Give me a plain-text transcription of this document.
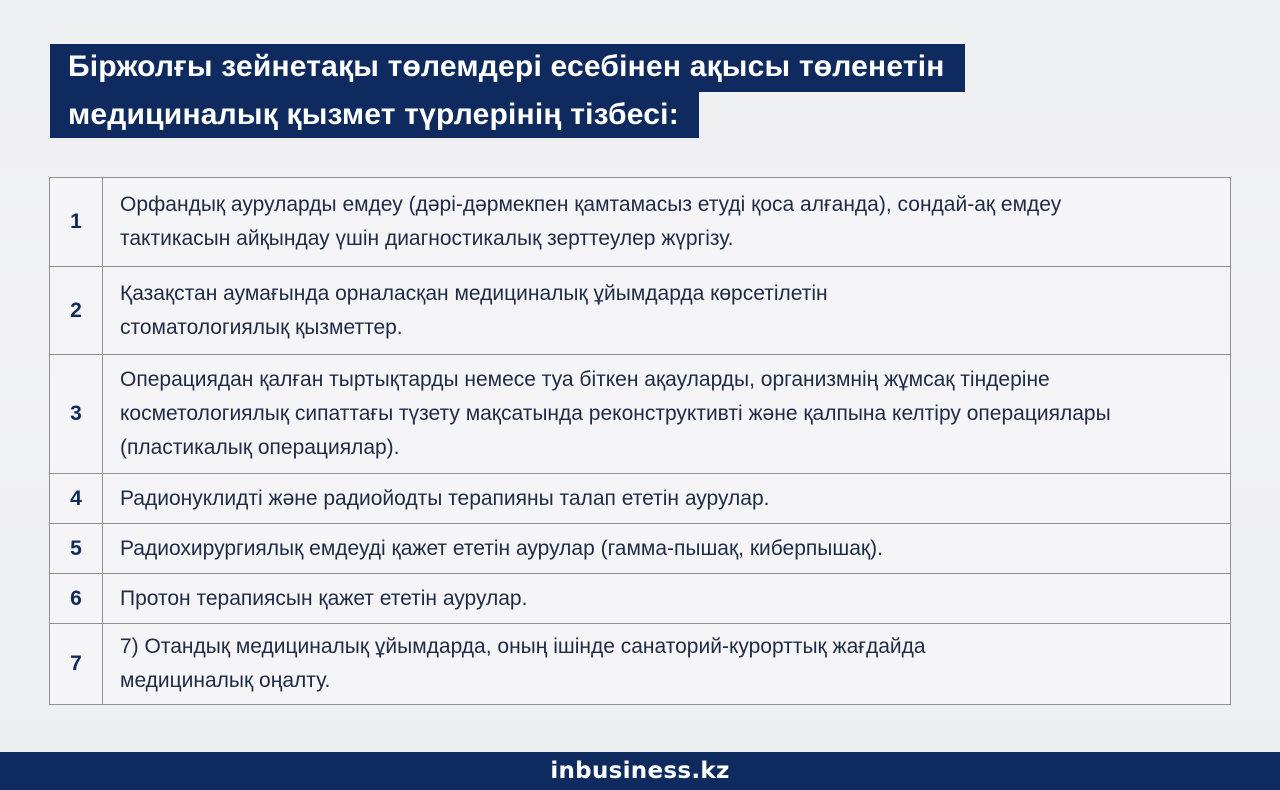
Біржолғы зейнетақы төлемдері есебінен ақысы төленетін
медициналық қызмет түрлерінің тізбесі:
1	Орфандық ауруларды емдеу (дәрі-дәрмекпен қамтамасыз етуді қоса алғанда), сондай-ақ емдеу тактикасын айқындау үшін диагностикалық зерттеулер жүргізу.

2	Қазақстан аумағында орналасқан медициналық ұйымдарда көрсетілетін стоматологиялық қызметтер.

3	Операциядан қалған тыртықтарды немесе туа біткен ақауларды, организмнің жұмсақ тіндеріне косметологиялық сипаттағы түзету мақсатында реконструктивті және қалпына келтіру операциялары (пластикалық операциялар).

4	Радионуклидті және радиойодты терапияны талап ететін аурулар.
5	Радиохирургиялық емдеуді қажет ететін аурулар (гамма-пышақ, киберпышақ).
6	Протон терапиясын қажет ететін аурулар.
7	7) Отандық медициналық ұйымдарда, оның ішінде санаторий-курорттық жағдайда медициналық оңалту.
inbusiness.kz
